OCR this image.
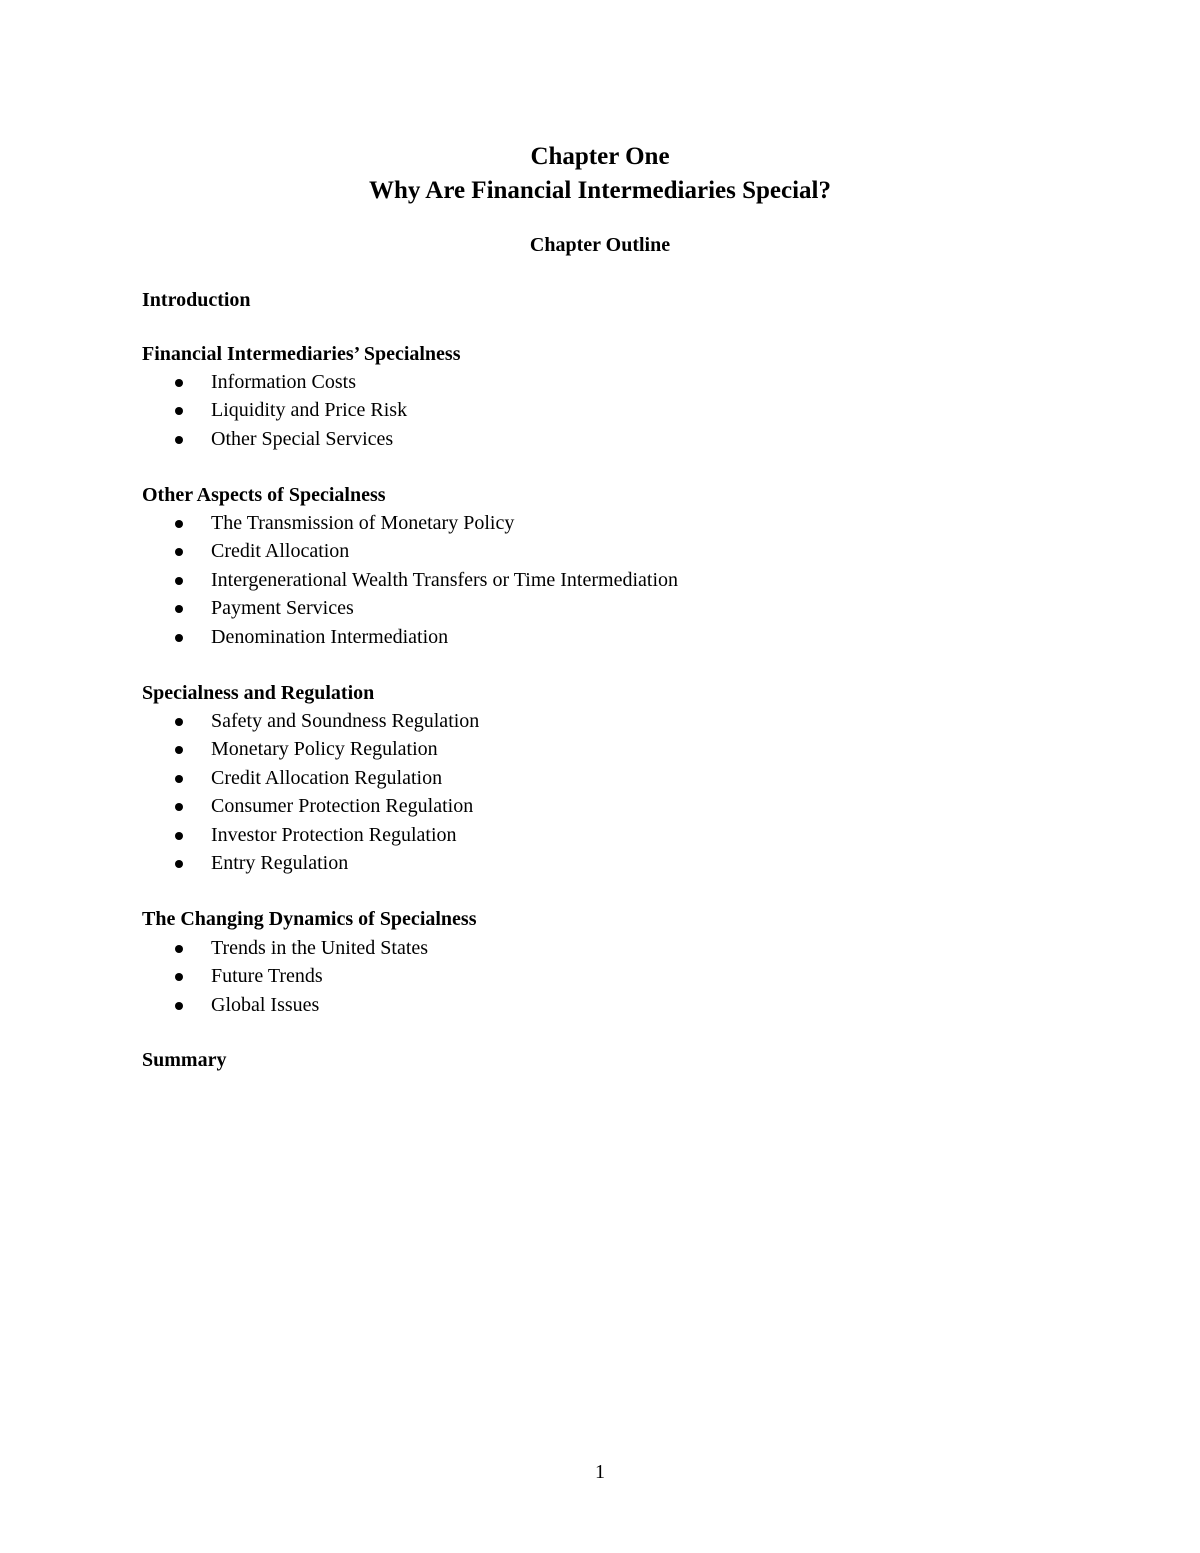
Chapter One
Why Are Financial Intermediaries Special?
Chapter Outline
Introduction
Financial Intermediaries’ Specialness
Information Costs
Liquidity and Price Risk
Other Special Services
Other Aspects of Specialness
The Transmission of Monetary Policy
Credit Allocation
Intergenerational Wealth Transfers or Time Intermediation
Payment Services
Denomination Intermediation
Specialness and Regulation
Safety and Soundness Regulation
Monetary Policy Regulation
Credit Allocation Regulation
Consumer Protection Regulation
Investor Protection Regulation
Entry Regulation
The Changing Dynamics of Specialness
Trends in the United States
Future Trends
Global Issues
Summary
1
